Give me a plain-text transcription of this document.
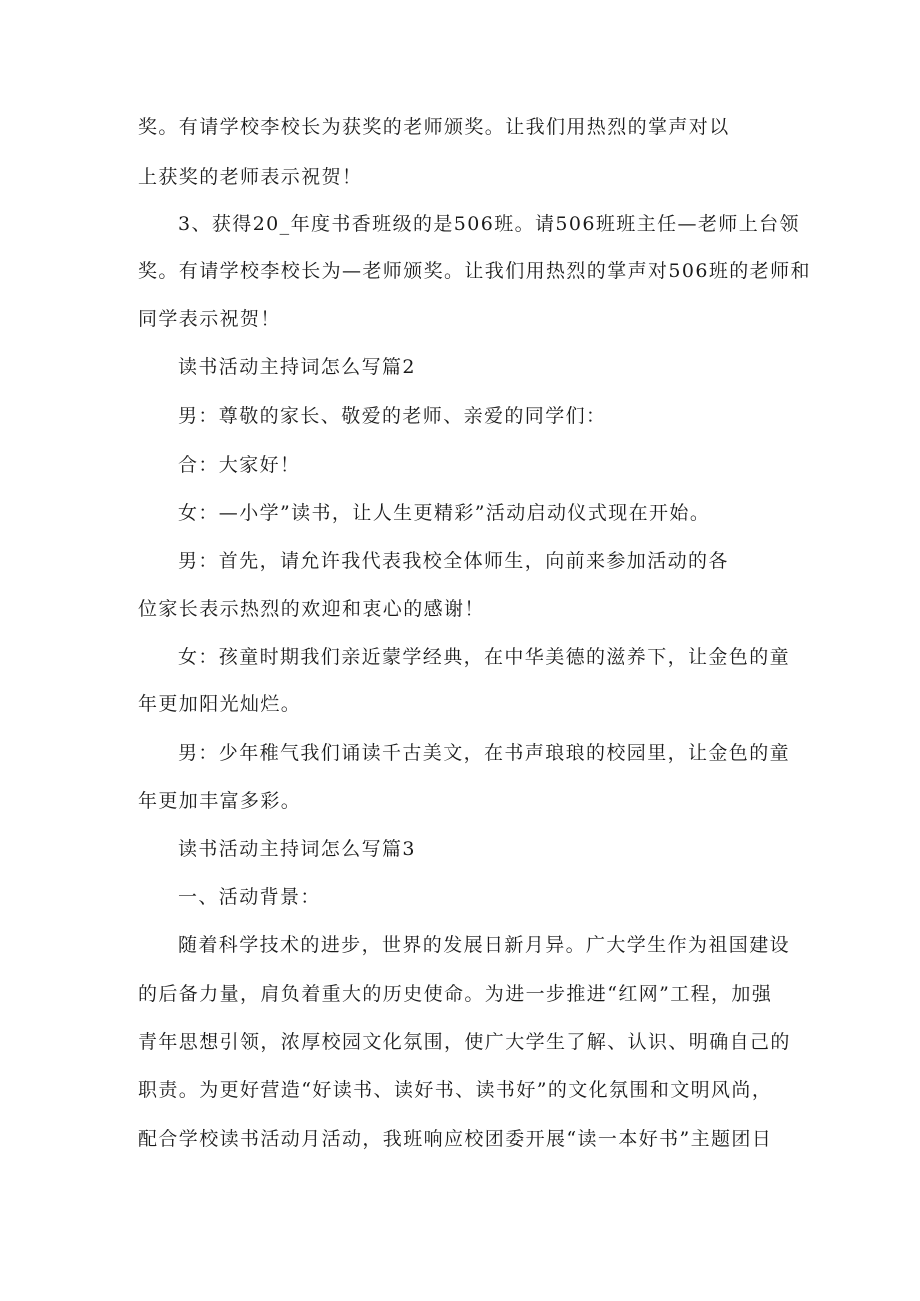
奖。有请学校李校长为获奖的老师颁奖。让我们用热烈的掌声对以
上获奖的老师表示祝贺！
3、获得20_年度书香班级的是506班。请506班班主任—老师上台领
奖。有请学校李校长为—老师颁奖。让我们用热烈的掌声对506班的老师和
同学表示祝贺！
读书活动主持词怎么写篇2
男：尊敬的家长、敬爱的老师、亲爱的同学们：
合：大家好！
女：—小学”读书，让人生更精彩”活动启动仪式现在开始。
男：首先，请允许我代表我校全体师生，向前来参加活动的各
位家长表示热烈的欢迎和衷心的感谢！
女：孩童时期我们亲近蒙学经典，在中华美德的滋养下，让金色的童
年更加阳光灿烂。
男：少年稚气我们诵读千古美文，在书声琅琅的校园里，让金色的童
年更加丰富多彩。
读书活动主持词怎么写篇3
一、活动背景：
随着科学技术的进步，世界的发展日新月异。广大学生作为祖国建设
的后备力量，肩负着重大的历史使命。为进一步推进“红网”工程，加强
青年思想引领，浓厚校园文化氛围，使广大学生了解、认识、明确自己的
职责。为更好营造“好读书、读好书、读书好”的文化氛围和文明风尚，
配合学校读书活动月活动，我班响应校团委开展“读一本好书”主题团日
